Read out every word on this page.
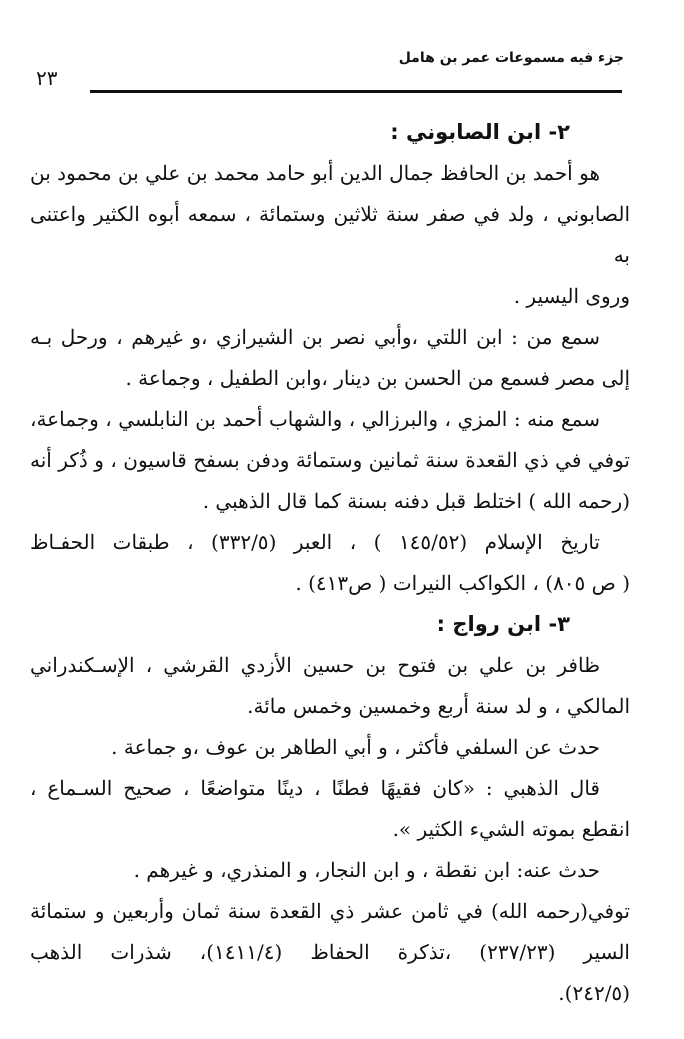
جزء فيه مسموعات عمر بن هامل
٢٣
٢- ابن الصابوني :

هو أحمد بن الحافظ جمال الدين أبو حامد محمد بن علي بن محمود بن

الصابوني ، ولد في صفر سنة ثلاثين وستمائة ، سمعه أبوه الكثير واعتنى به

وروى اليسير .

سمع من : ابن اللتي ،وأبي نصر بن الشيرازي ،و غيرهم ، ورحل بـه

إلى مصر فسمع من الحسن بن دينار ،وابن الطفيل ، وجماعة .

سمع منه : المزي ، والبرزالي ، والشهاب أحمد بن النابلسي ، وجماعة،

توفي في ذي القعدة سنة ثمانين وستمائة ودفن بسفح قاسيون ، و ذُكر أنه

(رحمه الله ) اختلط قبل دفنه بسنة كما قال الذهبي .

تاريخ الإسلام (١٤٥/٥٢ ) ، العبر (٣٣٢/٥) ، طبقات الحفـاظ

( ص ٨٠٥) ، الكواكب النيرات ( ص٤١٣) .

٣- ابن رواج :

ظافر بن علي بن فتوح بن حسين الأزدي القرشي ، الإسـكندراني

المالكي ، و لد سنة أربع وخمسين وخمس مائة.

حدث عن السلفي فأكثر ، و أبي الطاهر بن عوف ،و جماعة .

قال الذهبي : «كان فقيهًا فطنًا ، دينًا متواضعًا ، صحيح السـماع ،

انقطع بموته الشيء الكثير ».

حدث عنه: ابن نقطة ، و ابن النجار، و المنذري، و غيرهم .

توفي(رحمه الله) في ثامن عشر ذي القعدة سنة ثمان وأربعين و ستمائة

السير (٢٣٧/٢٣) ،تذكرة الحفاظ (١٤١١/٤)، شذرات الذهب

(٢٤٢/٥).
